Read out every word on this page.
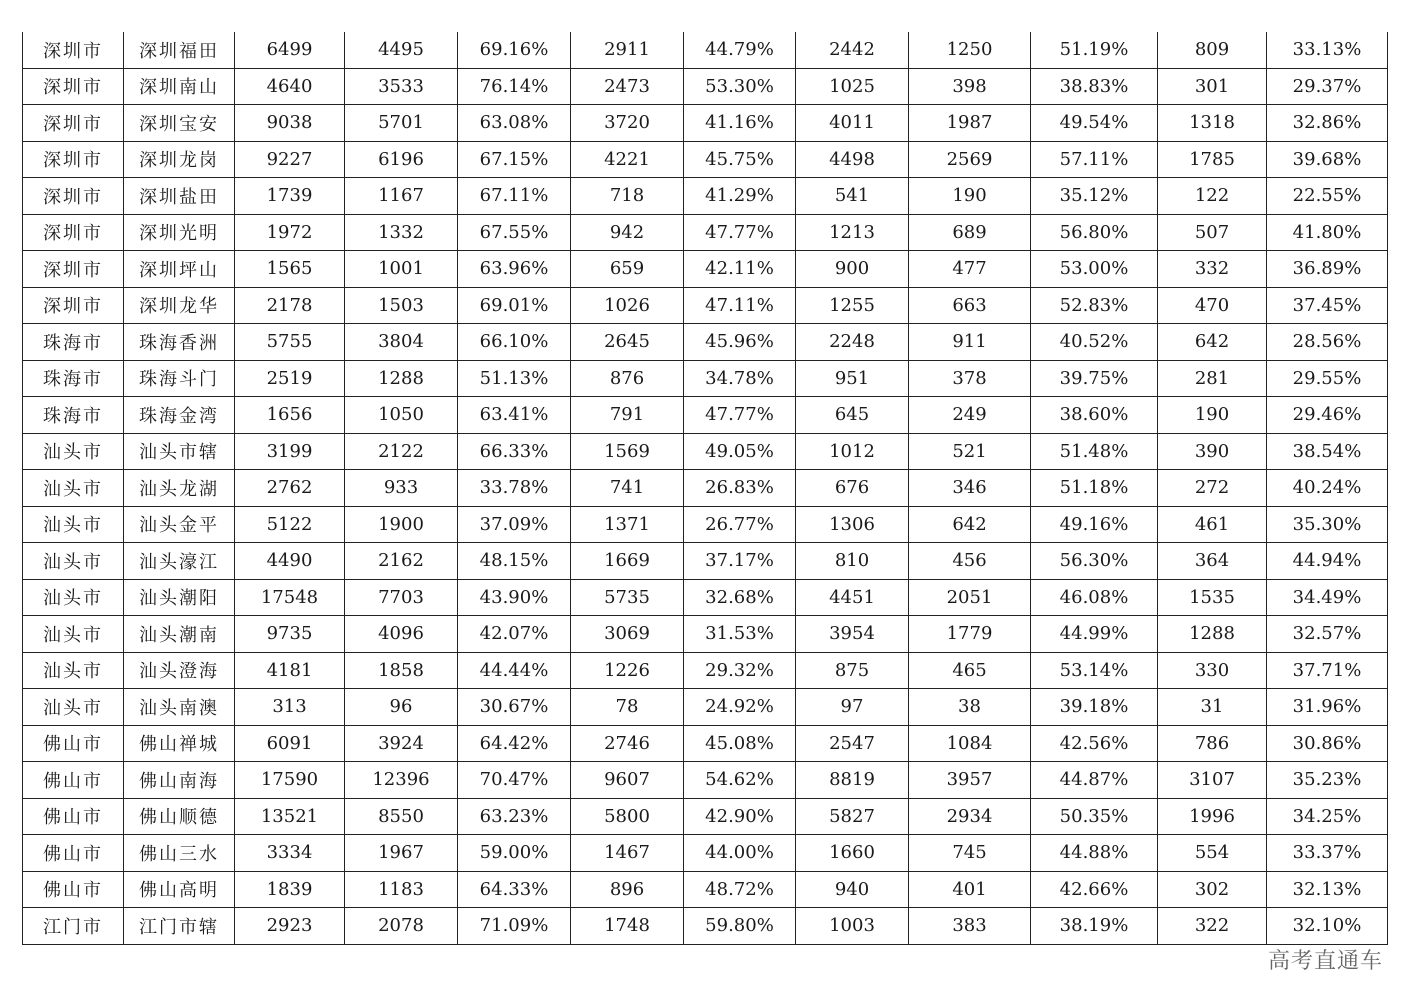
深圳市	深圳福田	6499	4495	69.16%	2911	44.79%	2442	1250	51.19%	809	33.13%
深圳市	深圳南山	4640	3533	76.14%	2473	53.30%	1025	398	38.83%	301	29.37%
深圳市	深圳宝安	9038	5701	63.08%	3720	41.16%	4011	1987	49.54%	1318	32.86%
深圳市	深圳龙岗	9227	6196	67.15%	4221	45.75%	4498	2569	57.11%	1785	39.68%
深圳市	深圳盐田	1739	1167	67.11%	718	41.29%	541	190	35.12%	122	22.55%
深圳市	深圳光明	1972	1332	67.55%	942	47.77%	1213	689	56.80%	507	41.80%
深圳市	深圳坪山	1565	1001	63.96%	659	42.11%	900	477	53.00%	332	36.89%
深圳市	深圳龙华	2178	1503	69.01%	1026	47.11%	1255	663	52.83%	470	37.45%
珠海市	珠海香洲	5755	3804	66.10%	2645	45.96%	2248	911	40.52%	642	28.56%
珠海市	珠海斗门	2519	1288	51.13%	876	34.78%	951	378	39.75%	281	29.55%
珠海市	珠海金湾	1656	1050	63.41%	791	47.77%	645	249	38.60%	190	29.46%
汕头市	汕头市辖	3199	2122	66.33%	1569	49.05%	1012	521	51.48%	390	38.54%
汕头市	汕头龙湖	2762	933	33.78%	741	26.83%	676	346	51.18%	272	40.24%
汕头市	汕头金平	5122	1900	37.09%	1371	26.77%	1306	642	49.16%	461	35.30%
汕头市	汕头濠江	4490	2162	48.15%	1669	37.17%	810	456	56.30%	364	44.94%
汕头市	汕头潮阳	17548	7703	43.90%	5735	32.68%	4451	2051	46.08%	1535	34.49%
汕头市	汕头潮南	9735	4096	42.07%	3069	31.53%	3954	1779	44.99%	1288	32.57%
汕头市	汕头澄海	4181	1858	44.44%	1226	29.32%	875	465	53.14%	330	37.71%
汕头市	汕头南澳	313	96	30.67%	78	24.92%	97	38	39.18%	31	31.96%
佛山市	佛山禅城	6091	3924	64.42%	2746	45.08%	2547	1084	42.56%	786	30.86%
佛山市	佛山南海	17590	12396	70.47%	9607	54.62%	8819	3957	44.87%	3107	35.23%
佛山市	佛山顺德	13521	8550	63.23%	5800	42.90%	5827	2934	50.35%	1996	34.25%
佛山市	佛山三水	3334	1967	59.00%	1467	44.00%	1660	745	44.88%	554	33.37%
佛山市	佛山高明	1839	1183	64.33%	896	48.72%	940	401	42.66%	302	32.13%
江门市	江门市辖	2923	2078	71.09%	1748	59.80%	1003	383	38.19%	322	32.10%
高考直通车
